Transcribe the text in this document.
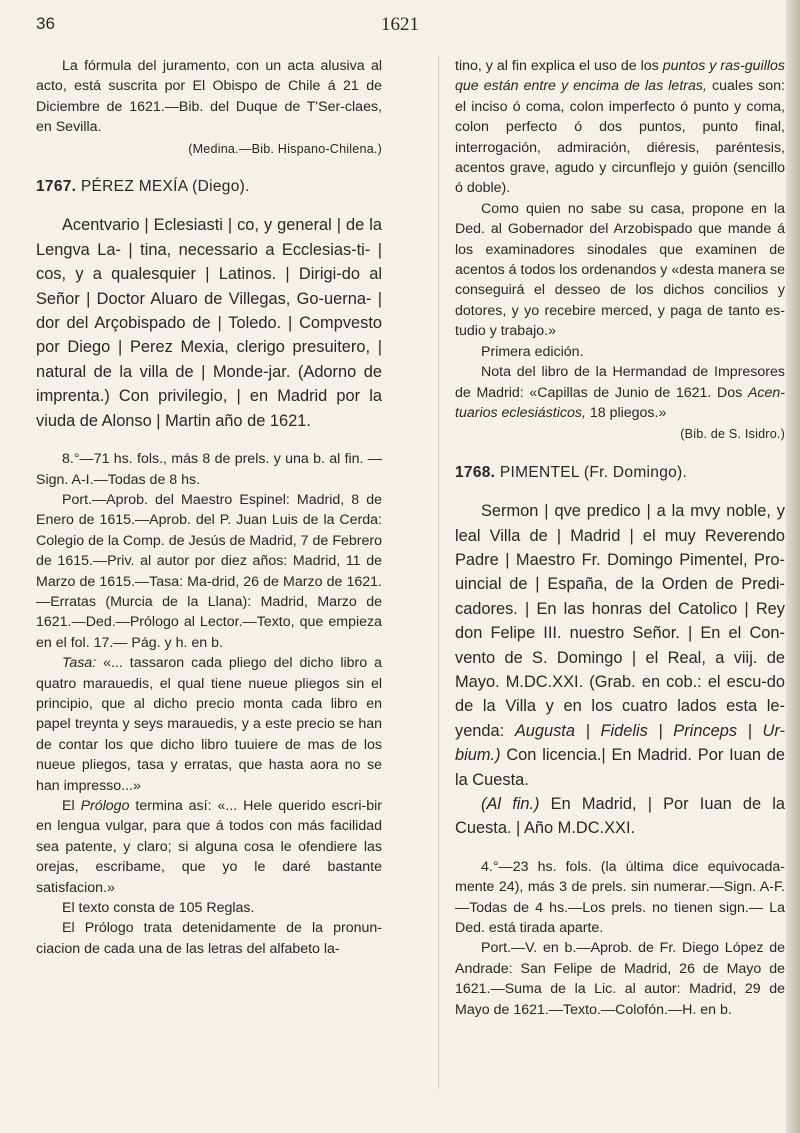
36	1621

La fórmula del juramento, con un acta alusiva al acto, está suscrita por El Obispo de Chile á 21 de Diciembre de 1621.—Bib. del Duque de T'Ser-claes, en Sevilla.

(Medina.—Bib. Hispano-Chilena.)

1767. PÉREZ MEXÍA (Diego).

Acentvario | Eclesiasti | co, y general | de la Lengva La- | tina, necessario a Ecclesias-ti- | cos, y a qualesquier | Latinos. | Dirigi-do al Señor | Doctor Aluaro de Villegas, Go-uerna- | dor del Arçobispado de | Toledo. | Compvesto por Diego | Perez Mexia, clerigo presuitero, | natural de la villa de | Monde-jar. (Adorno de imprenta.) Con privilegio, | en Madrid por la viuda de Alonso | Martin año de 1621.

8.°—71 hs. fols., más 8 de prels. y una b. al fin. —Sign. A-I.—Todas de 8 hs.

Port.—Aprob. del Maestro Espinel: Madrid, 8 de Enero de 1615.—Aprob. del P. Juan Luis de la Cerda: Colegio de la Comp. de Jesús de Madrid, 7 de Febrero de 1615.—Priv. al autor por diez años: Madrid, 11 de Marzo de 1615.—Tasa: Ma-drid, 26 de Marzo de 1621.—Erratas (Murcia de la Llana): Madrid, Marzo de 1621.—Ded.—Prólogo al Lector.—Texto, que empieza en el fol. 17.— Pág. y h. en b.

Tasa: «... tassaron cada pliego del dicho libro a quatro marauedis, el qual tiene nueue pliegos sin el principio, que al dicho precio monta cada libro en papel treynta y seys marauedis, y a este precio se han de contar los que dicho libro tuuiere de mas de los nueue pliegos, tasa y erratas, que hasta aora no se han impresso...»

El Prólogo termina así: «... Hele querido escri-bir en lengua vulgar, para que á todos con más facilidad sea patente, y claro; si alguna cosa le ofendiere las orejas, escribame, que yo le daré bastante satisfacion.»

El texto consta de 105 Reglas.

El Prólogo trata detenidamente de la pronun-ciacion de cada una de las letras del alfabeto la-

tino, y al fin explica el uso de los puntos y ras-guillos que están entre y encima de las letras, cuales son: el inciso ó coma, colon imperfecto ó punto y coma, colon perfecto ó dos puntos, punto final, interrogación, admiración, diéresis, paréntesis, acentos grave, agudo y circunflejo y guión (sencillo ó doble).

Como quien no sabe su casa, propone en la Ded. al Gobernador del Arzobispado que mande á los examinadores sinodales que examinen de acentos á todos los ordenandos y «desta manera se conseguirá el desseo de los dichos concilios y dotores, y yo recebire merced, y paga de tanto es-tudio y trabajo.»

Primera edición.

Nota del libro de la Hermandad de Impresores de Madrid: «Capillas de Junio de 1621. Dos Acen-tuarios eclesiásticos, 18 pliegos.»

(Bib. de S. Isidro.)

1768. PIMENTEL (Fr. Domingo).

Sermon | qve predico | a la mvy noble, y leal Villa de | Madrid | el muy Reverendo Padre | Maestro Fr. Domingo Pimentel, Pro-uincial de | España, de la Orden de Predi-cadores. | En las honras del Catolico | Rey don Felipe III. nuestro Señor. | En el Con-vento de S. Domingo | el Real, a viij. de Mayo. M.DC.XXI. (Grab. en cob.: el escu-do de la Villa y en los cuatro lados esta le-yenda: Augusta | Fidelis | Princeps | Ur-bium.) Con licencia.| En Madrid. Por Iuan de la Cuesta.

(Al fin.) En Madrid, | Por Iuan de la Cuesta. | Año M.DC.XXI.

4.°—23 hs. fols. (la última dice equivocada-mente 24), más 3 de prels. sin numerar.—Sign. A-F.—Todas de 4 hs.—Los prels. no tienen sign.— La Ded. está tirada aparte.

Port.—V. en b.—Aprob. de Fr. Diego López de Andrade: San Felipe de Madrid, 26 de Mayo de 1621.—Suma de la Lic. al autor: Madrid, 29 de Mayo de 1621.—Texto.—Colofón.—H. en b.
